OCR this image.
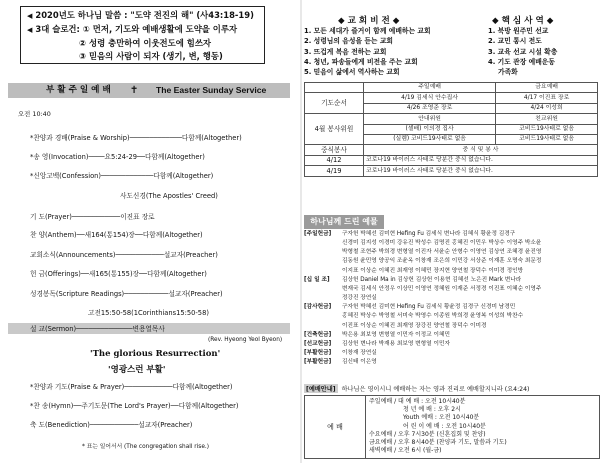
◀ 2020년도 하나님 말씀 : "도약 전진의 해" (사43:18-19)
◀ 3대 슬로건: ① 먼저, 기도와 예배생활에 도약을 이루자
② 성령 충만하여 이웃전도에 힘쓰자
③ 믿음의 사람이 되자 (생기, 변, 행동)
부 활 주 일 예 배 ✝ The Easter Sunday Service
오전 10:40
*찬양과 경배(Praise & Worship)─────────────다함께(Altogether)
*송 영(Invocation)────요5:24-29──다함께(Altogether)
*신앙고백(Confession)─────────────다함께(Altogether)
사도신경(The Apostles' Creed)
기 도(Prayer)────────────이진표 장로
찬 양(Anthem)──새164(통154)장──다함께(Altogether)
교회소식(Announcements)────────────설교자(Preacher)
헌 금(Offerings)──새165(통155)장──다함께(Altogether)
성경봉독(Scripture Readings)───────────설교자(Preacher)
고전15:50-58(1Corinthians15:50-58)
설 교(Sermon)──────────────변용열목사
(Rev. Hyeong Yeol Byeon)
'The glorious Resurrection'
'영광스런 부활'
*찬양과 기도(Praise & Prayer)────────────다함께(Altogether)
*찬 송(Hymn)──주기도문(The Lord's Prayer)──다함께(Altogether)
축 도(Benediction)────────────설교자(Preacher)
* 표는 일어서서 (The congregation shall rise.)
◆ 교 회 비 전 ◆	◆ 핵 심 사 역 ◆
1. 모든 세대가 즐거이 함께 예배하는 교회
2. 성령님의 음성을 듣는 교회
3. 뜨겁게 복음 전하는 교회
4. 청년, 파송들에게 비전을 주는 교회
5. 믿음이 삶에서 역사하는 교회
1. 북방 원주민 선교
2. 교민 통시 전도
3. 교육 선교 시설 확충
4. 기도 관장 예배운동
가족화
	주일예배	금요예배
기도순서	4/19 김세식 안수집사	4/17 이진표 장로
	4/26 조영준 장로	4/24 이성희
4월 봉사위원	안내위원	친교위원
	(셀배) 이의경 집사	코비드19사태로 없음
	(실렘) 코비드19사태로 없음	코비드19사태로 없음
중식봉사	중 식 및 봉 사	
4/12	코로나19 바이러스 사태로 당분간 중식 없습니다.	
4/19	코로나19 바이러스 사태로 당분간 중식 없습니다.	
하나님께 드린 예물
[주일헌금]	구자헌 박혜선 김미현 Hefing Fu 김세식 변나라 김혜식 황윤정 김경구
신경미 김지성 이경미 강유진 박성수 김명진 홍혜진 이민우 박상수 이영주 박소윤
박형철 조현주 박희경 변형열 이진자 서윤순 안형수 이영연 김상연 조혜경 윤진영
김동원 윤민영 양공익 조윤옥 이창재 조은희 이민강 서상준 이재훈 오명숙 최문정
이지표 이상순 이혜진 최재영 이혜민 장지현 양연철 장덕수 이미경 정인방
[십 일 조]	김상헌 Daniel Ma in 김상헌 김상헌 이용현 김혜선 노은진 Mark 변나라
변재국 김세식 안정우 이상민 이영연 정혜원 이재준 서정경 이진표 이혜순 이영주
정강진 장연실
[감사헌금]	구자헌 박혜선 김미현 Hefing Fu 김세식 황윤정 김경구 신경미 남경민
홍혜진 박상수 박영철 서미숙 박영수 이종원 박희경 윤영복 이성희 박찬수
이진표 이상순 이혜진 최재영 장강진 양연철 장덕수 이미경
[건축헌금]	박은용 최보영 변형열 이민자 이정교 이혜민
[선교헌금]	김상헌 변나라 박재용 최보영 변형열 이민자
[부활헌금]	이창재 장연실
[부활헌금]	김신태 이은영
[예배안내] 하나님은 영이시니 예배하는 자는 영과 진리로 예배할지니라 (요4:24)
예 배
주일예배 / 대 예 배 : 오전 10시40분
청 년 예 배 : 오후 2시
Youth 예배 : 오전 10시40분
어 린 이 예 배 : 오전 10시40분
수요예배 / 오후 7시30분 (신혼집회 및 찬양)
금요예배 / 오후 8시40분 (찬양과 기도, 말씀과 기도)
새벽예배 / 오전 6시 (월-금)
